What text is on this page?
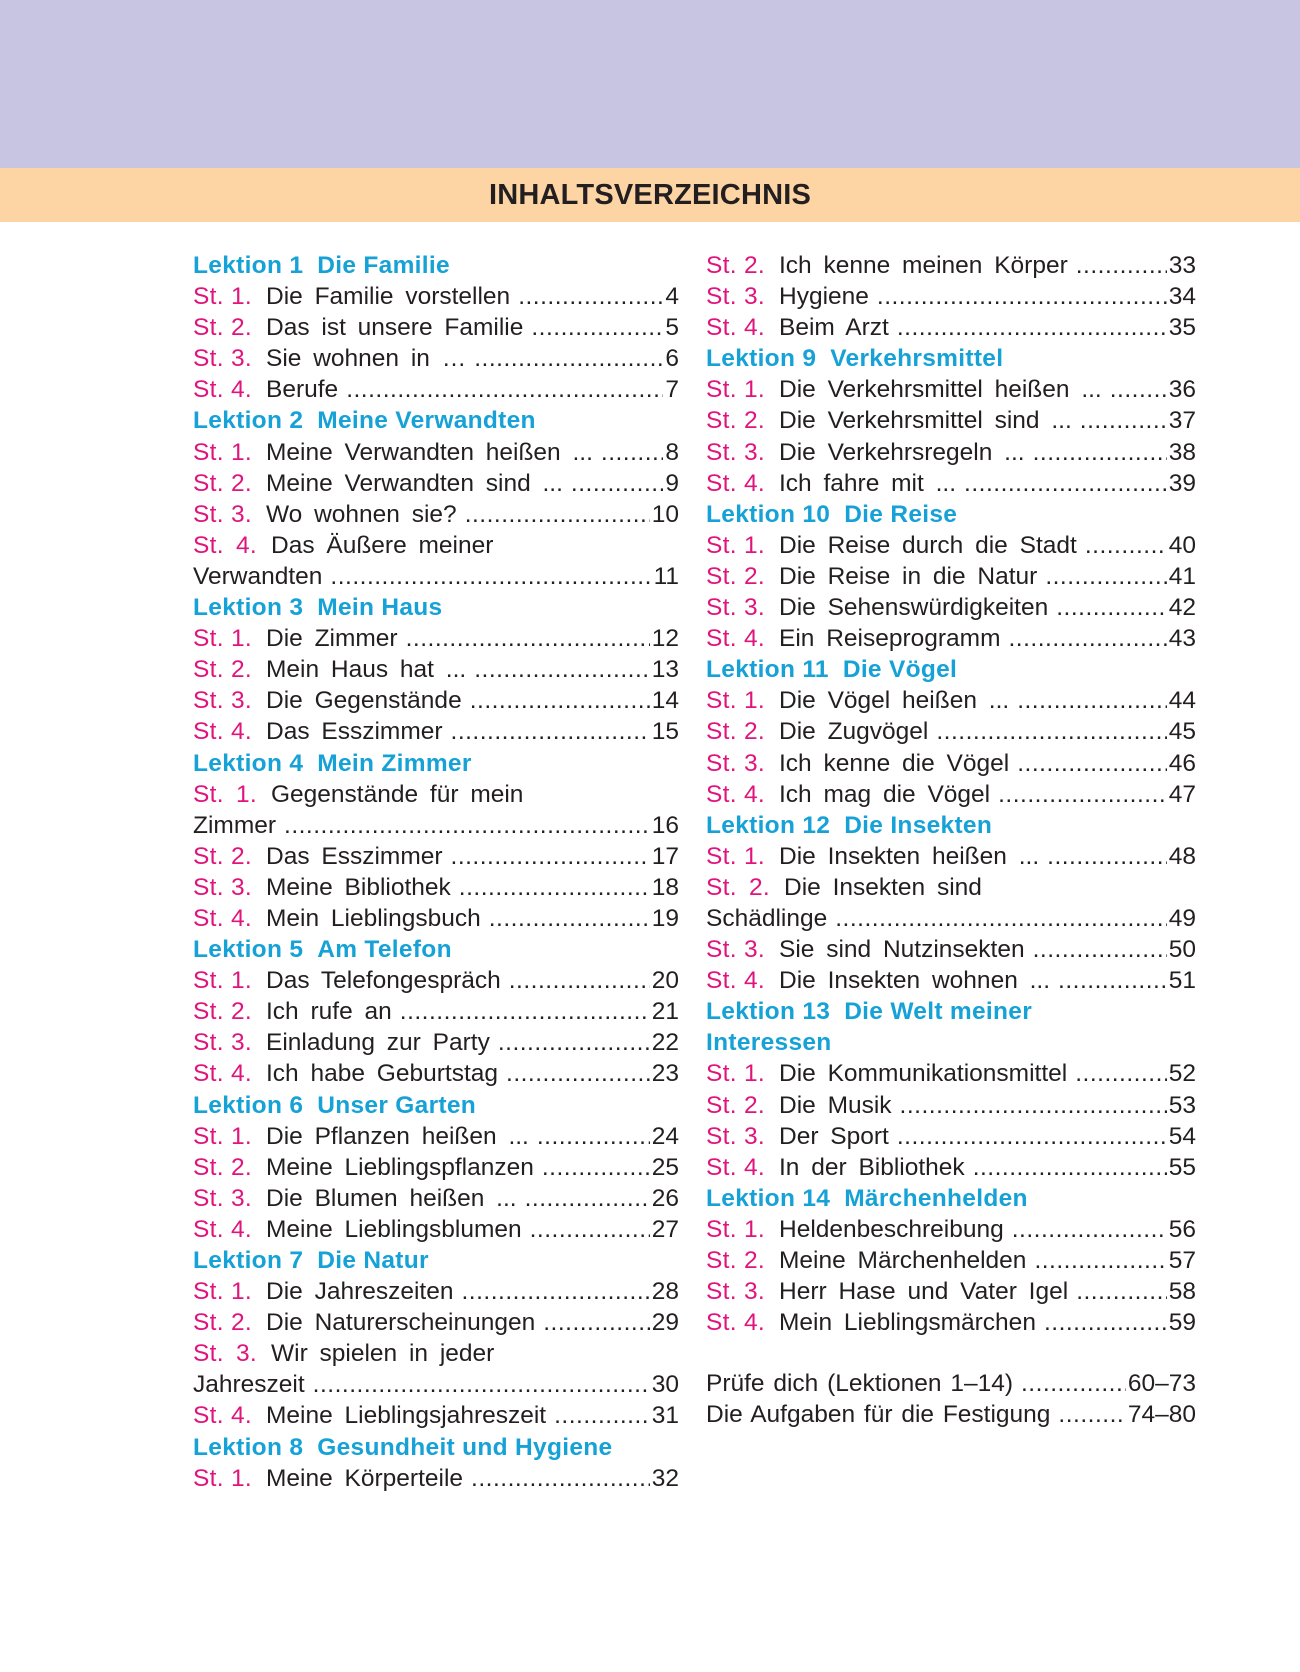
INHALTSVERZEICHNIS
Lektion 1 Die Familie
St. 1. Die Familie vorstellen .....	4
St. 2. Das ist unsere Familie .....	5
St. 3. Sie wohnen in … .....	6
St. 4. Berufe .....	7
Lektion 2 Meine Verwandten
St. 1. Meine Verwandten heißen ... .....	8
St. 2. Meine Verwandten sind ... .....	9
St. 3. Wo wohnen sie? .....	10
St. 4. Das Äußere meiner
Verwandten .....	11
Lektion 3 Mein Haus
St. 1. Die Zimmer .....	12
St. 2. Mein Haus hat ... .....	13
St. 3. Die Gegenstände .....	14
St. 4. Das Esszimmer .....	15
Lektion 4 Mein Zimmer
St. 1. Gegenstände für mein
Zimmer .....	16
St. 2. Das Esszimmer .....	17
St. 3. Meine Bibliothek .....	18
St. 4. Mein Lieblingsbuch .....	19
Lektion 5 Am Telefon
St. 1. Das Telefongespräch .....	20
St. 2. Ich rufe an .....	21
St. 3. Einladung zur Party .....	22
St. 4. Ich habe Geburtstag .....	23
Lektion 6 Unser Garten
St. 1. Die Pflanzen heißen ... .....	24
St. 2. Meine Lieblingspflanzen .....	25
St. 3. Die Blumen heißen ... .....	26
St. 4. Meine Lieblingsblumen .....	27
Lektion 7 Die Natur
St. 1. Die Jahreszeiten .....	28
St. 2. Die Naturerscheinungen .....	29
St. 3. Wir spielen in jeder
Jahreszeit .....	30
St. 4. Meine Lieblingsjahreszeit .....	31
Lektion 8 Gesundheit und Hygiene
St. 1. Meine Körperteile .....	32
St. 2. Ich kenne meinen Körper .....	33
St. 3. Hygiene .....	34
St. 4. Beim Arzt .....	35
Lektion 9 Verkehrsmittel
St. 1. Die Verkehrsmittel heißen ... .....	36
St. 2. Die Verkehrsmittel sind ... .....	37
St. 3. Die Verkehrsregeln ... .....	38
St. 4. Ich fahre mit ... .....	39
Lektion 10 Die Reise
St. 1. Die Reise durch die Stadt .....	40
St. 2. Die Reise in die Natur .....	41
St. 3. Die Sehenswürdigkeiten .....	42
St. 4. Ein Reiseprogramm .....	43
Lektion 11 Die Vögel
St. 1. Die Vögel heißen ... .....	44
St. 2. Die Zugvögel .....	45
St. 3. Ich kenne die Vögel .....	46
St. 4. Ich mag die Vögel .....	47
Lektion 12 Die Insekten
St. 1. Die Insekten heißen ... .....	48
St. 2. Die Insekten sind
Schädlinge .....	49
St. 3. Sie sind Nutzinsekten .....	50
St. 4. Die Insekten wohnen ... .....	51
Lektion 13 Die Welt meiner
Interessen
St. 1. Die Kommunikationsmittel .....	52
St. 2. Die Musik .....	53
St. 3. Der Sport .....	54
St. 4. In der Bibliothek .....	55
Lektion 14 Märchenhelden
St. 1. Heldenbeschreibung .....	56
St. 2. Meine Märchenhelden .....	57
St. 3. Herr Hase und Vater Igel .....	58
St. 4. Mein Lieblingsmärchen .....	59
Prüfe dich (Lektionen 1–14) .....	60–73
Die Aufgaben für die Festigung .....	74–80
